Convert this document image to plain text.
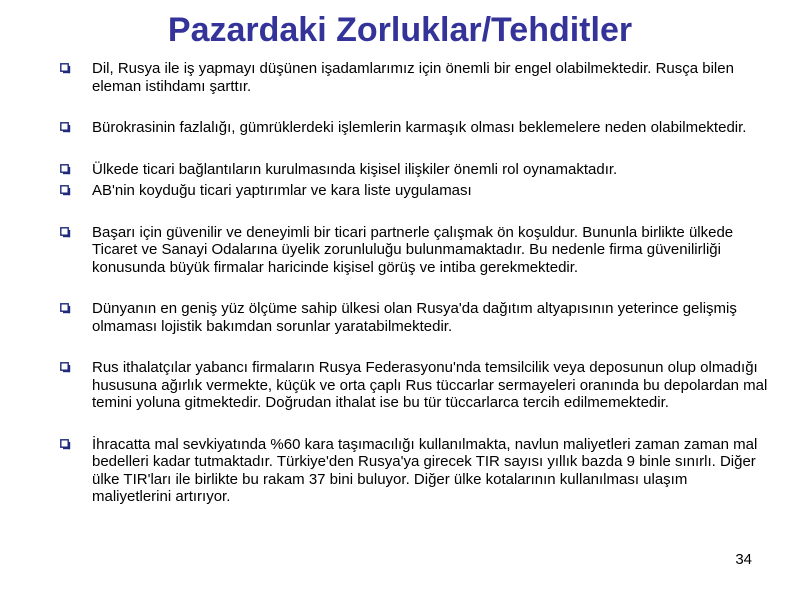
Pazardaki Zorluklar/Tehditler
Dil, Rusya ile iş yapmayı düşünen işadamlarımız için önemli bir engel olabilmektedir. Rusça bilen eleman istihdamı şarttır.
Bürokrasinin fazlalığı, gümrüklerdeki işlemlerin karmaşık olması beklemelere neden olabilmektedir.
Ülkede ticari bağlantıların kurulmasında kişisel ilişkiler önemli rol oynamaktadır.
AB'nin koyduğu ticari yaptırımlar ve kara liste uygulaması
Başarı için güvenilir ve deneyimli bir ticari partnerle çalışmak ön koşuldur. Bununla birlikte ülkede Ticaret ve Sanayi Odalarına üyelik zorunluluğu bulunmamaktadır. Bu nedenle firma güvenilirliği konusunda büyük firmalar haricinde kişisel görüş ve intiba gerekmektedir.
Dünyanın en geniş yüz ölçüme sahip ülkesi olan Rusya'da dağıtım altyapısının yeterince gelişmiş olmaması lojistik bakımdan sorunlar yaratabilmektedir.
Rus ithalatçılar yabancı firmaların Rusya Federasyonu'nda temsilcilik veya deposunun olup olmadığı hususuna ağırlık vermekte, küçük ve orta çaplı Rus tüccarlar sermayeleri oranında bu depolardan mal temini yoluna gitmektedir. Doğrudan ithalat ise bu tür tüccarlarca tercih edilmemektedir.
İhracatta mal sevkiyatında %60 kara taşımacılığı kullanılmakta, navlun maliyetleri zaman zaman mal bedelleri kadar tutmaktadır. Türkiye'den Rusya'ya girecek TIR sayısı yıllık bazda 9 binle sınırlı. Diğer ülke TIR'ları ile birlikte bu rakam 37 bini buluyor. Diğer ülke kotalarının kullanılması ulaşım maliyetlerini artırıyor.
34
